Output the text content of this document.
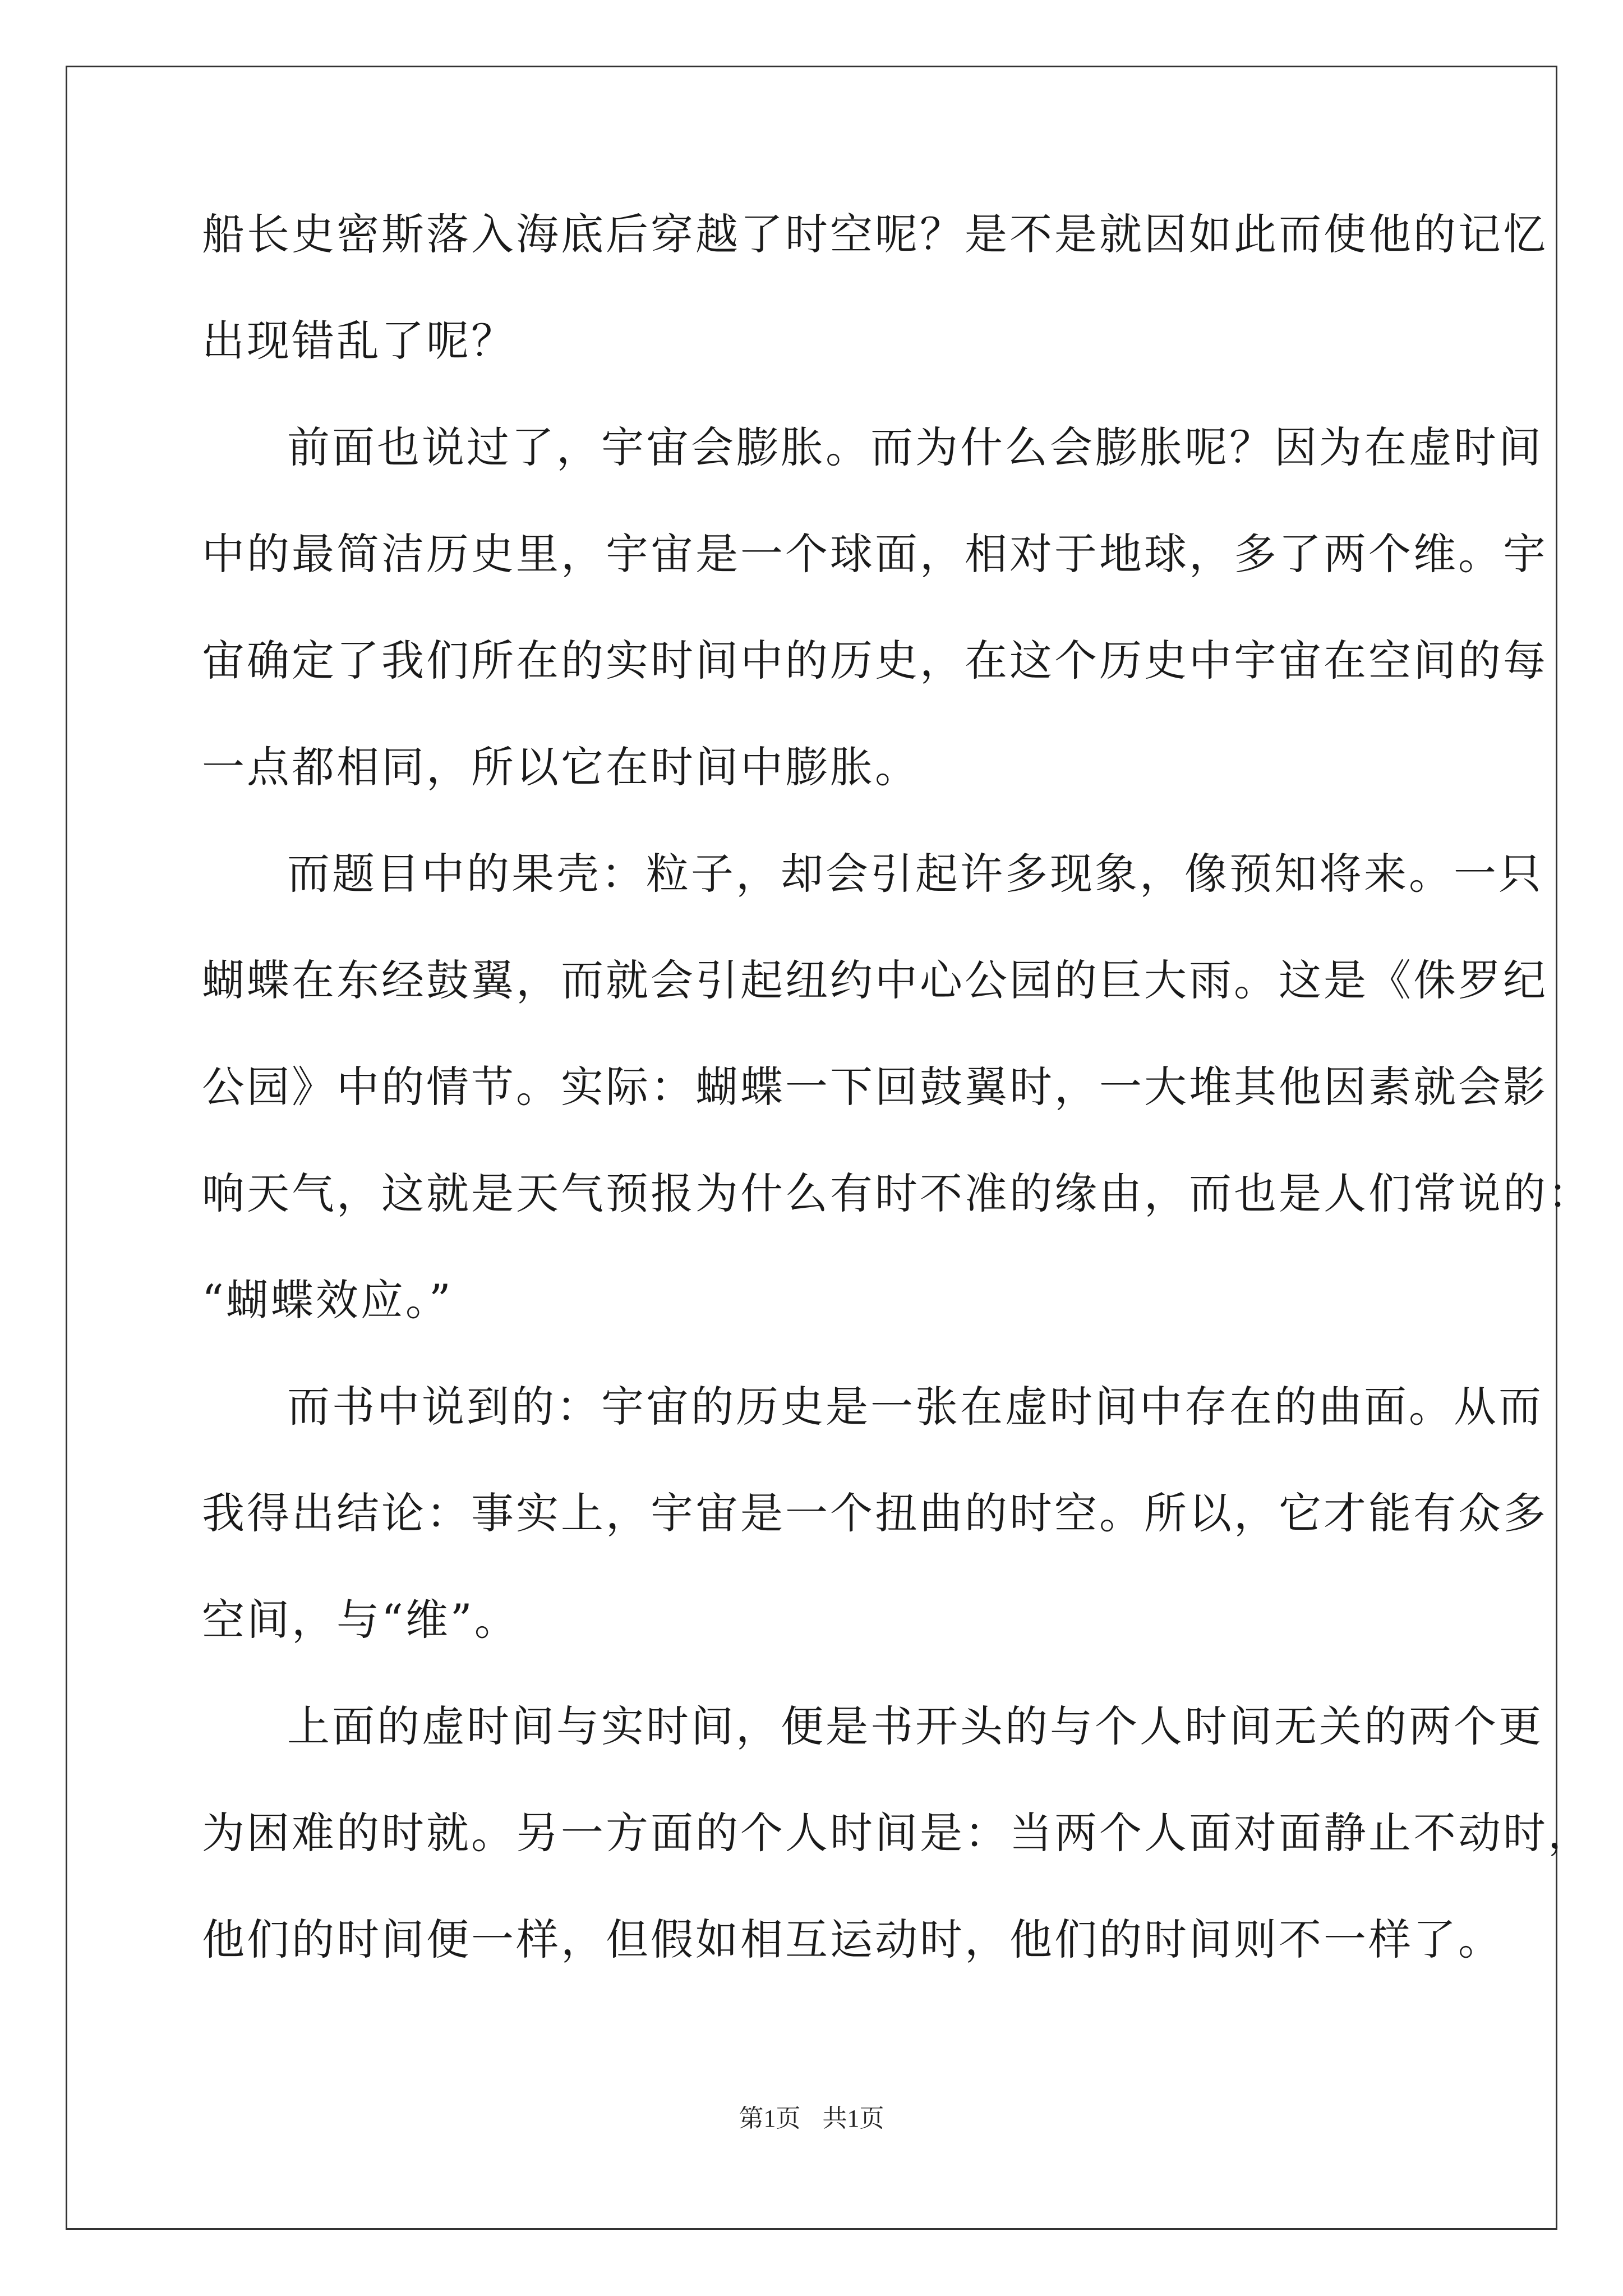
船长史密斯落入海底后穿越了时空呢？是不是就因如此而使他的记忆

出现错乱了呢？

前面也说过了，宇宙会膨胀。而为什么会膨胀呢？因为在虚时间

中的最简洁历史里，宇宙是一个球面，相对于地球，多了两个维。宇

宙确定了我们所在的实时间中的历史，在这个历史中宇宙在空间的每

一点都相同，所以它在时间中膨胀。

而题目中的果壳：粒子，却会引起许多现象，像预知将来。一只

蝴蝶在东经鼓翼，而就会引起纽约中心公园的巨大雨。这是《侏罗纪

公园》中的情节。实际：蝴蝶一下回鼓翼时，一大堆其他因素就会影

响天气，这就是天气预报为什么有时不准的缘由，而也是人们常说的：

“蝴蝶效应。”

而书中说到的：宇宙的历史是一张在虚时间中存在的曲面。从而

我得出结论：事实上，宇宙是一个扭曲的时空。所以，它才能有众多

空间，与“维”。

上面的虚时间与实时间，便是书开头的与个人时间无关的两个更

为困难的时就。另一方面的个人时间是：当两个人面对面静止不动时，

他们的时间便一样，但假如相互运动时，他们的时间则不一样了。

第1页 共1页
